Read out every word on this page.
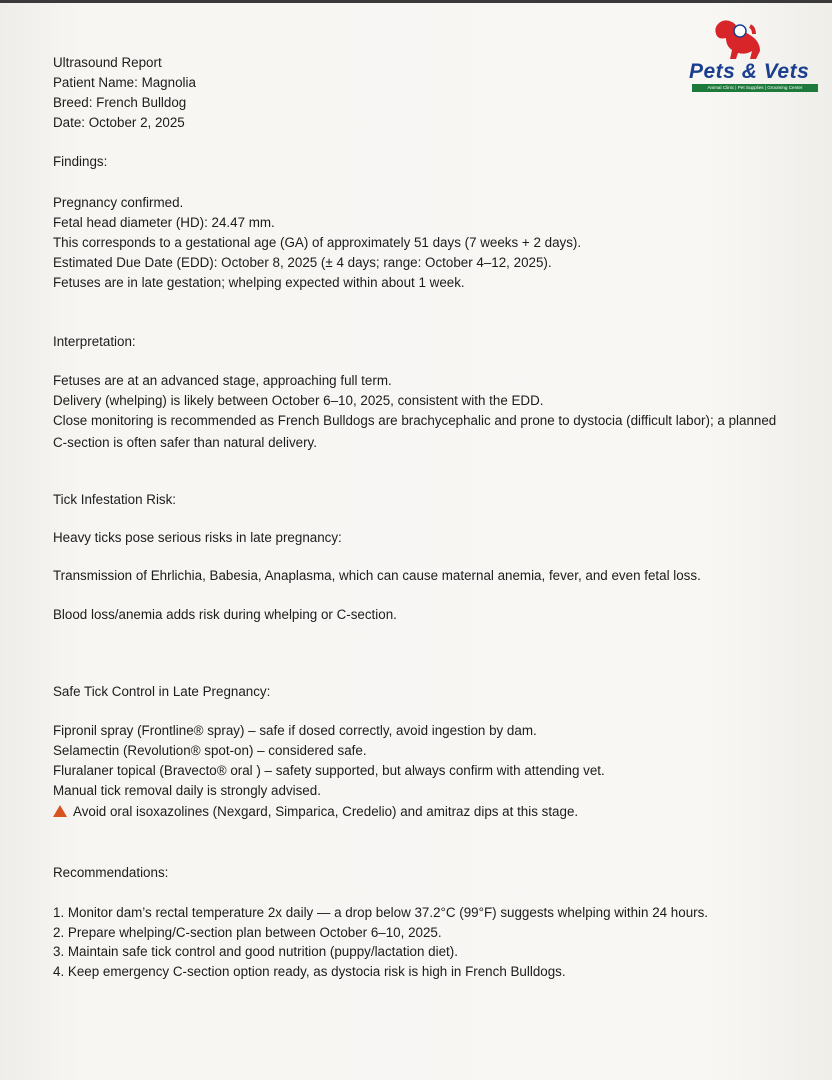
Pets & Vets
Animal Clinic | Pet Supplies | Grooming Center
Ultrasound Report
Patient Name: Magnolia
Breed: French Bulldog
Date: October 2, 2025
Findings:
Pregnancy confirmed.
Fetal head diameter (HD): 24.47 mm.
This corresponds to a gestational age (GA) of approximately 51 days (7 weeks + 2 days).
Estimated Due Date (EDD): October 8, 2025 (± 4 days; range: October 4–12, 2025).
Fetuses are in late gestation; whelping expected within about 1 week.
Interpretation:
Fetuses are at an advanced stage, approaching full term.
Delivery (whelping) is likely between October 6–10, 2025, consistent with the EDD.
Close monitoring is recommended as French Bulldogs are brachycephalic and prone to dystocia (difficult labor); a planned
C-section is often safer than natural delivery.
Tick Infestation Risk:
Heavy ticks pose serious risks in late pregnancy:
Transmission of Ehrlichia, Babesia, Anaplasma, which can cause maternal anemia, fever, and even fetal loss.
Blood loss/anemia adds risk during whelping or C-section.
Safe Tick Control in Late Pregnancy:
Fipronil spray (Frontline® spray) – safe if dosed correctly, avoid ingestion by dam.
Selamectin (Revolution® spot-on) – considered safe.
Fluralaner topical (Bravecto® oral ) – safety supported, but always confirm with attending vet.
Manual tick removal daily is strongly advised.
Avoid oral isoxazolines (Nexgard, Simparica, Credelio) and amitraz dips at this stage.
Recommendations:
1. Monitor dam’s rectal temperature 2x daily — a drop below 37.2°C (99°F) suggests whelping within 24 hours.
2. Prepare whelping/C-section plan between October 6–10, 2025.
3. Maintain safe tick control and good nutrition (puppy/lactation diet).
4. Keep emergency C-section option ready, as dystocia risk is high in French Bulldogs.
